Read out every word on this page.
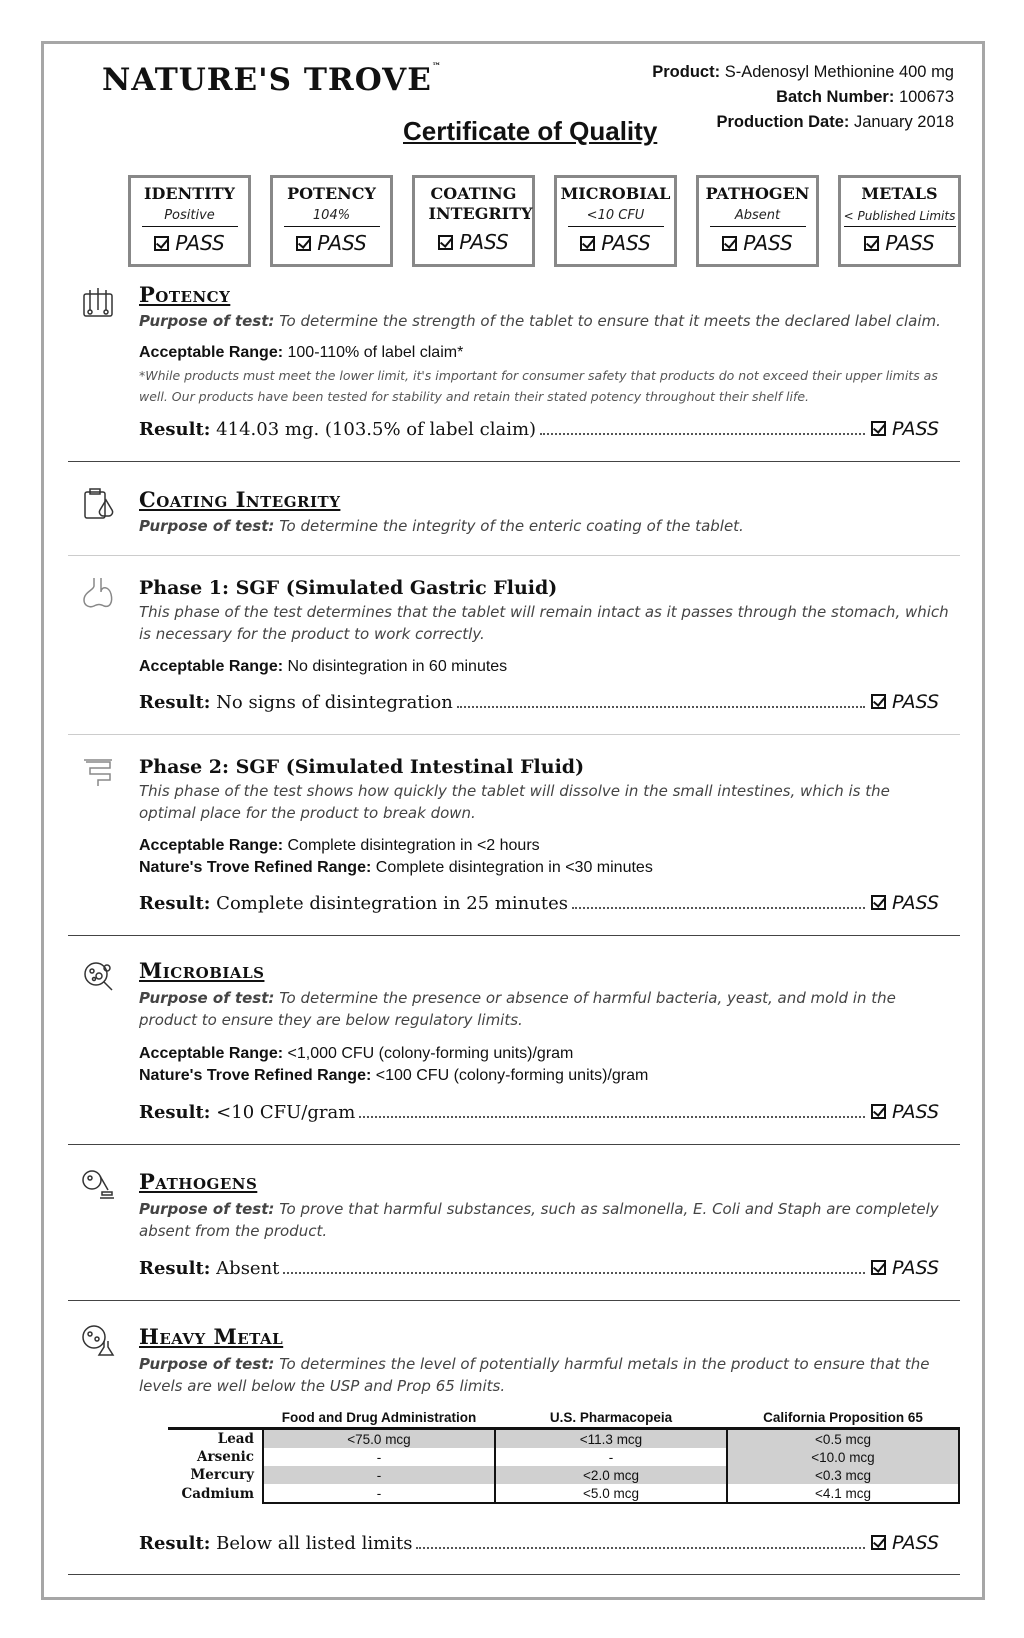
NATURE'S TROVE™	Product: S-Adenosyl Methionine 400 mg
Batch Number: 100673
Production Date: January 2018
Certificate of Quality
IDENTITY
Positive
PASS
POTENCY
104%
PASS
COATING INTEGRITY
PASS
MICROBIAL
<10 CFU
PASS
PATHOGEN
Absent
PASS
METALS
< Published Limits
PASS
Potency
Purpose of test: To determine the strength of the tablet to ensure that it meets the declared label claim.
Acceptable Range: 100-110% of label claim*
*While products must meet the lower limit, it's important for consumer safety that products do not exceed their upper limits as well. Our products have been tested for stability and retain their stated potency throughout their shelf life.
Result:
414.03 mg. (103.5% of label claim)	PASS
Coating Integrity
Purpose of test: To determine the integrity of the enteric coating of the tablet.
Phase 1: SGF (Simulated Gastric Fluid)
This phase of the test determines that the tablet will remain intact as it passes through the stomach, which is necessary for the product to work correctly.
Acceptable Range: No disintegration in 60 minutes
Result:
No signs of disintegration	PASS
Phase 2: SGF (Simulated Intestinal Fluid)
This phase of the test shows how quickly the tablet will dissolve in the small intestines, which is the optimal place for the product to break down.
Acceptable Range: Complete disintegration in <2 hours
Nature's Trove Refined Range: Complete disintegration in <30 minutes
Result:
Complete disintegration in 25 minutes	PASS
Microbials
Purpose of test: To determine the presence or absence of harmful bacteria, yeast, and mold in the product to ensure they are below regulatory limits.
Acceptable Range: <1,000 CFU (colony-forming units)/gram
Nature's Trove Refined Range: <100 CFU (colony-forming units)/gram
Result:
<10 CFU/gram	PASS
Pathogens
Purpose of test: To prove that harmful substances, such as salmonella, E. Coli and Staph are completely absent from the product.
Result:
Absent	PASS
Heavy Metal
Purpose of test: To determines the level of potentially harmful metals in the product to ensure that the levels are well below the USP and Prop 65 limits.
	Food and Drug Administration	U.S. Pharmacopeia	California Proposition 65
Lead	<75.0 mcg	<11.3 mcg	<0.5 mcg
Arsenic	-	-	<10.0 mcg
Mercury	-	<2.0 mcg	<0.3 mcg
Cadmium	-	<5.0 mcg	<4.1 mcg
Result:
Below all listed limits	PASS
